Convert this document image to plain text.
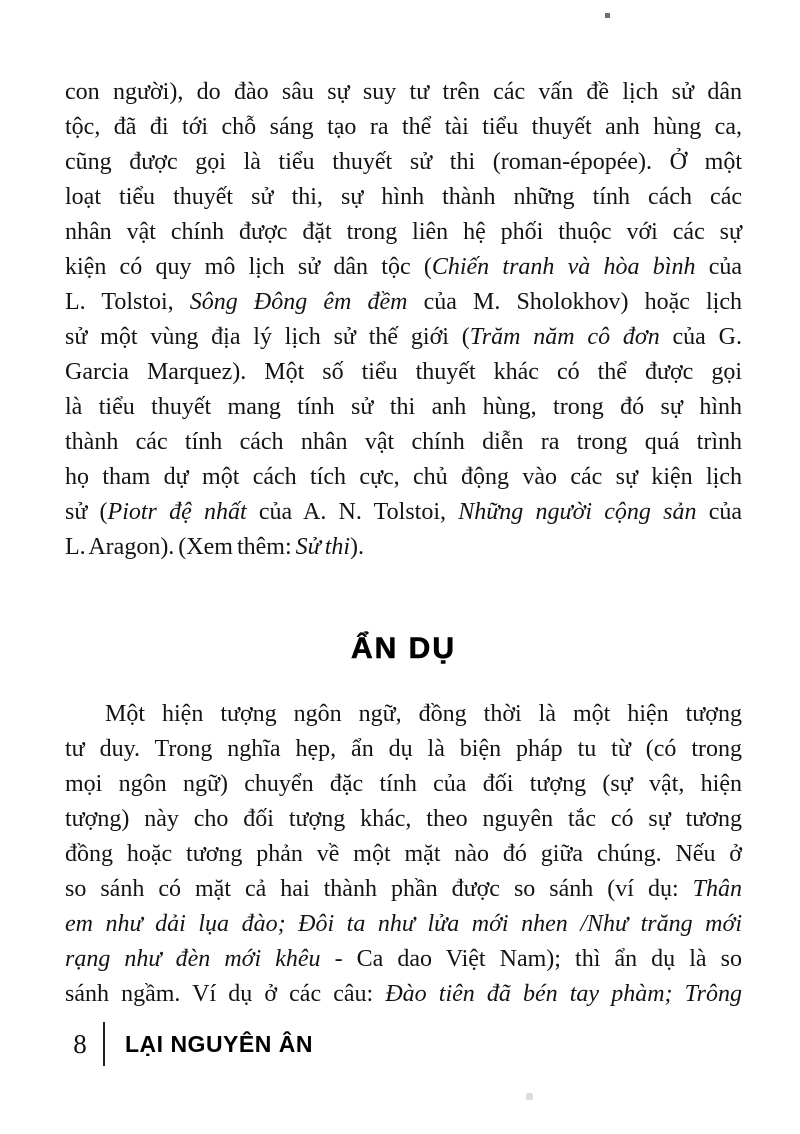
con người), do đào sâu sự suy tư trên các vấn đề lịch sử dân
tộc, đã đi tới chỗ sáng tạo ra thể tài tiểu thuyết anh hùng ca,
cũng được gọi là tiểu thuyết sử thi (roman-épopée). Ở một
loạt tiểu thuyết sử thi, sự hình thành những tính cách các
nhân vật chính được đặt trong liên hệ phối thuộc với các sự
kiện có quy mô lịch sử dân tộc (Chiến tranh và hòa bình của
L. Tolstoi, Sông Đông êm đềm của M. Sholokhov) hoặc lịch
sử một vùng địa lý lịch sử thế giới (Trăm năm cô đơn của G.
Garcia Marquez). Một số tiểu thuyết khác có thể được gọi
là tiểu thuyết mang tính sử thi anh hùng, trong đó sự hình
thành các tính cách nhân vật chính diễn ra trong quá trình
họ tham dự một cách tích cực, chủ động vào các sự kiện lịch
sử (Piotr đệ nhất của A. N. Tolstoi, Những người cộng sản của
L. Aragon). (Xem thêm: Sử thi).
ẨN DỤ
Một hiện tượng ngôn ngữ, đồng thời là một hiện tượng
tư duy. Trong nghĩa hẹp, ẩn dụ là biện pháp tu từ (có trong
mọi ngôn ngữ) chuyển đặc tính của đối tượng (sự vật, hiện
tượng) này cho đối tượng khác, theo nguyên tắc có sự tương
đồng hoặc tương phản về một mặt nào đó giữa chúng. Nếu ở
so sánh có mặt cả hai thành phần được so sánh (ví dụ: Thân
em như dải lụa đào; Đôi ta như lửa mới nhen /Như trăng mới
rạng như đèn mới khêu - Ca dao Việt Nam); thì ẩn dụ là so
sánh ngầm. Ví dụ ở các câu: Đào tiên đã bén tay phàm; Trông
8	LẠI NGUYÊN ÂN
